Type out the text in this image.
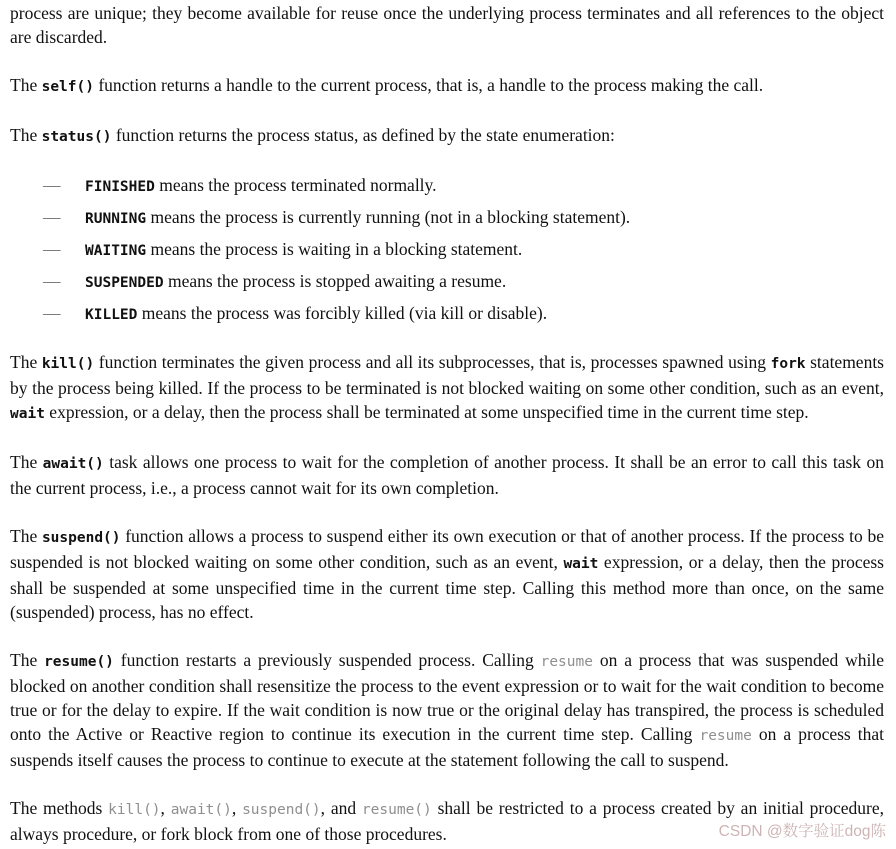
process are unique; they become available for reuse once the underlying process terminates and all references to the object are discarded.

The self() function returns a handle to the current process, that is, a handle to the process making the call.

The status() function returns the process status, as defined by the state enumeration:

— FINISHED means the process terminated normally.
— RUNNING means the process is currently running (not in a blocking statement).
— WAITING means the process is waiting in a blocking statement.
— SUSPENDED means the process is stopped awaiting a resume.
— KILLED means the process was forcibly killed (via kill or disable).

The kill() function terminates the given process and all its subprocesses, that is, processes spawned using fork statements by the process being killed. If the process to be terminated is not blocked waiting on some other condition, such as an event, wait expression, or a delay, then the process shall be terminated at some unspecified time in the current time step.

The await() task allows one process to wait for the completion of another process. It shall be an error to call this task on the current process, i.e., a process cannot wait for its own completion.

The suspend() function allows a process to suspend either its own execution or that of another process. If the process to be suspended is not blocked waiting on some other condition, such as an event, wait expression, or a delay, then the process shall be suspended at some unspecified time in the current time step. Calling this method more than once, on the same (suspended) process, has no effect.

The resume() function restarts a previously suspended process. Calling resume on a process that was suspended while blocked on another condition shall resensitize the process to the event expression or to wait for the wait condition to become true or for the delay to expire. If the wait condition is now true or the original delay has transpired, the process is scheduled onto the Active or Reactive region to continue its execution in the current time step. Calling resume on a process that suspends itself causes the process to continue to execute at the statement following the call to suspend.

The methods kill(), await(), suspend(), and resume() shall be restricted to a process created by an initial procedure, always procedure, or fork block from one of those procedures.	CSDN @数字验证dog陈
